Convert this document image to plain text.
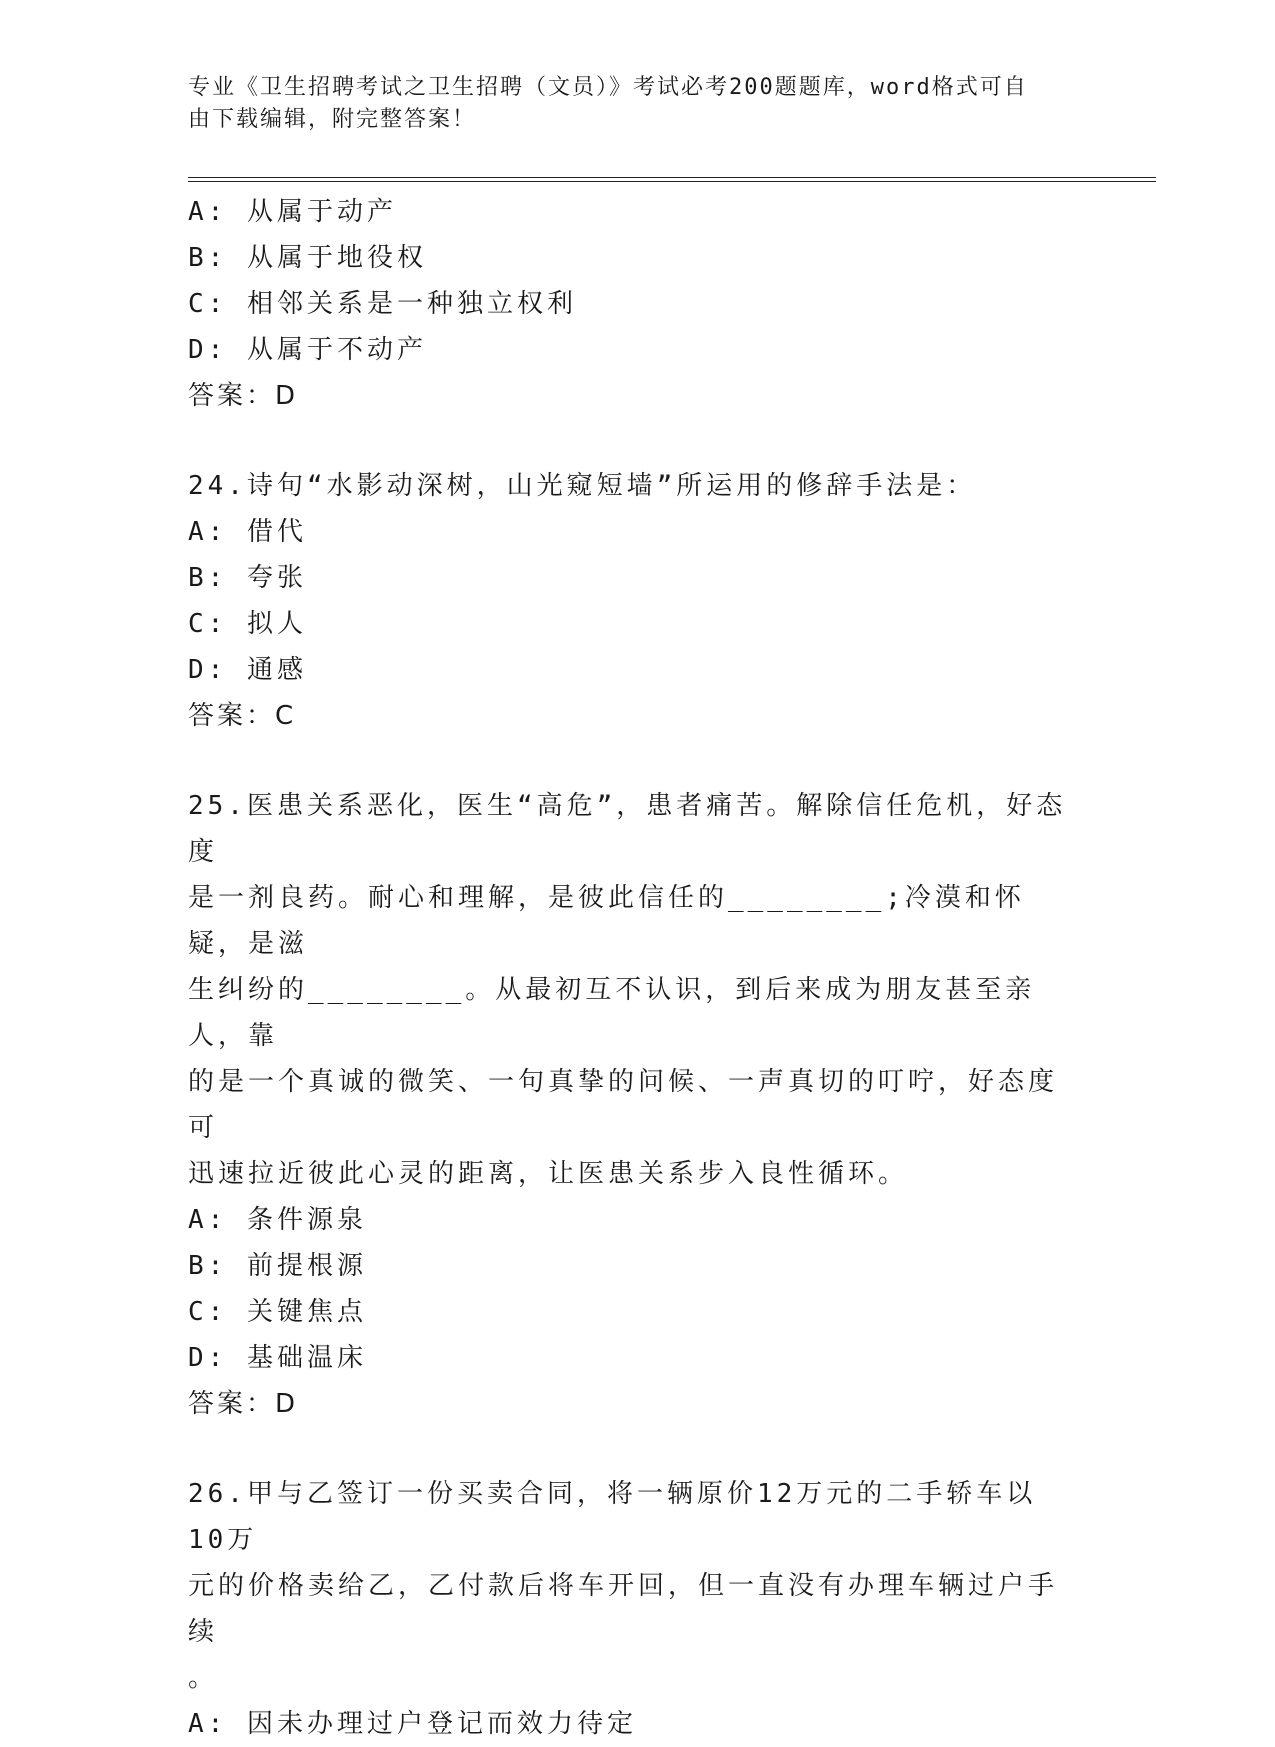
专业《卫生招聘考试之卫生招聘（文员）》考试必考200题题库，word格式可自
由下载编辑，附完整答案！
A: 从属于动产
B: 从属于地役权
C: 相邻关系是一种独立权利
D: 从属于不动产
答案：D
24.诗句“水影动深树，山光窥短墙”所运用的修辞手法是：
A: 借代
B: 夸张
C: 拟人
D: 通感
答案：C
25.医患关系恶化，医生“高危”，患者痛苦。解除信任危机，好态度
是一剂良药。耐心和理解，是彼此信任的________;冷漠和怀疑，是滋
生纠纷的________。从最初互不认识，到后来成为朋友甚至亲人，靠
的是一个真诚的微笑、一句真挚的问候、一声真切的叮咛，好态度可
迅速拉近彼此心灵的距离，让医患关系步入良性循环。
A: 条件源泉
B: 前提根源
C: 关键焦点
D: 基础温床
答案：D
26.甲与乙签订一份买卖合同，将一辆原价12万元的二手轿车以10万
元的价格卖给乙，乙付款后将车开回，但一直没有办理车辆过户手续
。
A: 因未办理过户登记而效力待定
